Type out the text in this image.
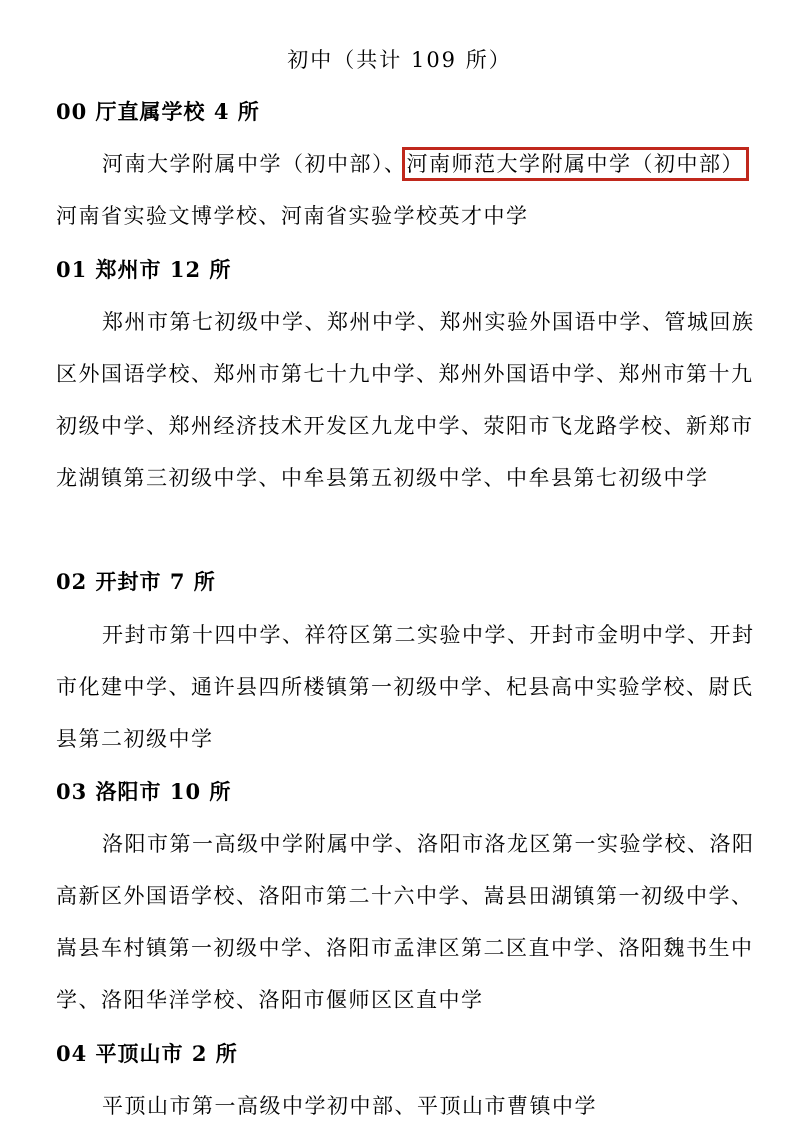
初中（共计 109 所）
00 厅直属学校 4 所

河南大学附属中学（初中部）、河南师范大学附属中学（初中部）河南省实验文博学校、河南省实验学校英才中学

01 郑州市 12 所

郑州市第七初级中学、郑州中学、郑州实验外国语中学、管城回族区外国语学校、郑州市第七十九中学、郑州外国语中学、郑州市第十九初级中学、郑州经济技术开发区九龙中学、荥阳市飞龙路学校、新郑市龙湖镇第三初级中学、中牟县第五初级中学、中牟县第七初级中学

02 开封市 7 所

开封市第十四中学、祥符区第二实验中学、开封市金明中学、开封市化建中学、通许县四所楼镇第一初级中学、杞县高中实验学校、尉氏县第二初级中学

03 洛阳市 10 所

洛阳市第一高级中学附属中学、洛阳市洛龙区第一实验学校、洛阳高新区外国语学校、洛阳市第二十六中学、嵩县田湖镇第一初级中学、嵩县车村镇第一初级中学、洛阳市孟津区第二区直中学、洛阳魏书生中学、洛阳华洋学校、洛阳市偃师区区直中学

04 平顶山市 2 所

平顶山市第一高级中学初中部、平顶山市曹镇中学
